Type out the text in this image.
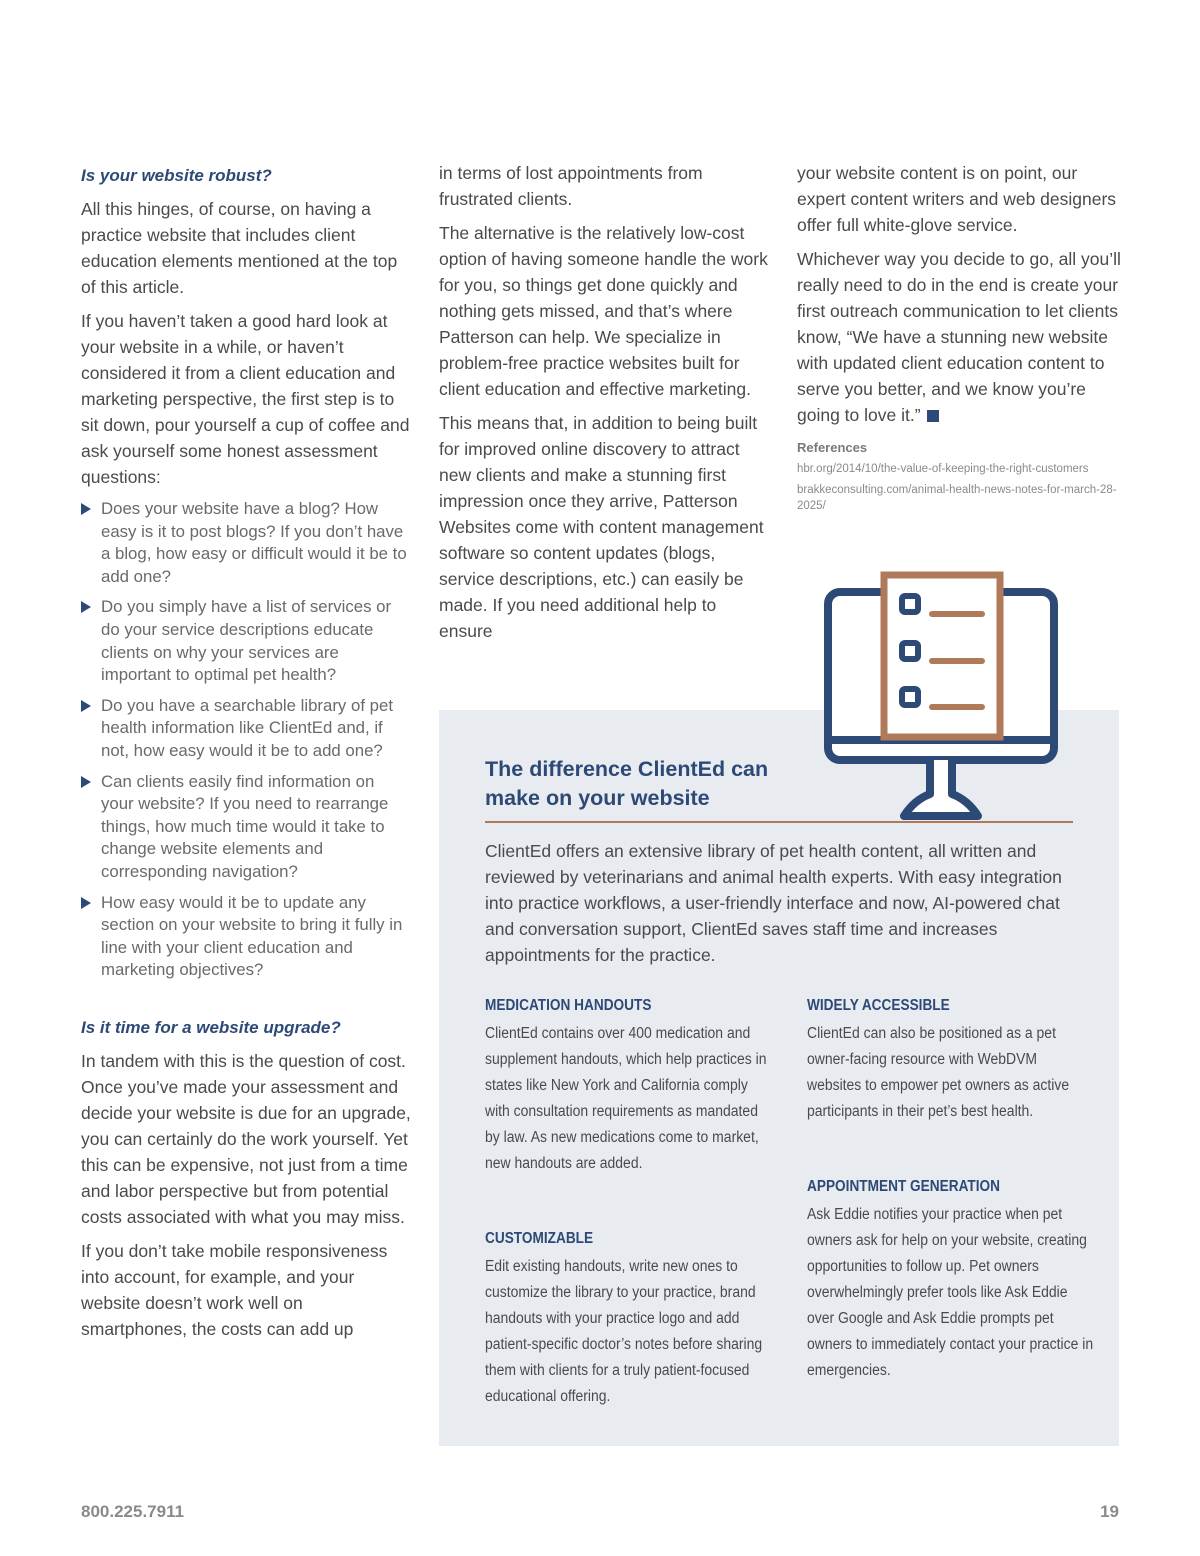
Is your website robust?

All this hinges, of course, on having a practice website that includes client education elements mentioned at the top of this article.

If you haven’t taken a good hard look at your website in a while, or haven’t considered it from a client education and marketing perspective, the first step is to sit down, pour yourself a cup of coffee and ask yourself some honest assessment questions:

Does your website have a blog? How easy is it to post blogs? If you don’t have a blog, how easy or difficult would it be to add one?
Do you simply have a list of services or do your service descriptions educate clients on why your services are important to optimal pet health?
Do you have a searchable library of pet health information like ClientEd and, if not, how easy would it be to add one?
Can clients easily find information on your website? If you need to rearrange things, how much time would it take to change website elements and corresponding navigation?
How easy would it be to update any section on your website to bring it fully in line with your client education and marketing objectives?
Is it time for a website upgrade?

In tandem with this is the question of cost. Once you’ve made your assessment and decide your website is due for an upgrade, you can certainly do the work yourself. Yet this can be expensive, not just from a time and labor perspective but from potential costs associated with what you may miss.

If you don’t take mobile responsiveness into account, for example, and your website doesn’t work well on smartphones, the costs can add up

in terms of lost appointments from frustrated clients.

The alternative is the relatively low-cost option of having someone handle the work for you, so things get done quickly and nothing gets missed, and that’s where Patterson can help. We specialize in problem-free practice websites built for client education and effective marketing.

This means that, in addition to being built for improved online discovery to attract new clients and make a stunning first impression once they arrive, Patterson Websites come with content management software so content updates (blogs, service descriptions, etc.) can easily be made. If you need additional help to ensure

your website content is on point, our expert content writers and web designers offer full white-glove service.

Whichever way you decide to go, all you’ll really need to do in the end is create your first outreach communication to let clients know, “We have a stunning new website with updated client education content to serve you better, and we know you’re going to love it.”

References
hbr.org/2014/10/the-value-of-keeping-the-right-customers
brakkeconsulting.com/animal-health-news-notes-for-march-28-2025/
The difference ClientEd can make on your website

ClientEd offers an extensive library of pet health content, all written and reviewed by veterinarians and animal health experts. With easy integration into practice workflows, a user-friendly interface and now, AI-powered chat and conversation support, ClientEd saves staff time and increases appointments for the practice.

MEDICATION HANDOUTS

ClientEd contains over 400 medication and supplement handouts, which help practices in states like New York and California comply with consultation requirements as mandated by law. As new medications come to market, new handouts are added.

CUSTOMIZABLE

Edit existing handouts, write new ones to customize the library to your practice, brand handouts with your practice logo and add patient-specific doctor’s notes before sharing them with clients for a truly patient-focused educational offering.

WIDELY ACCESSIBLE

ClientEd can also be positioned as a pet owner-facing resource with WebDVM websites to empower pet owners as active participants in their pet’s best health.

APPOINTMENT GENERATION

Ask Eddie notifies your practice when pet owners ask for help on your website, creating opportunities to follow up. Pet owners overwhelmingly prefer tools like Ask Eddie over Google and Ask Eddie prompts pet owners to immediately contact your practice in emergencies.

800.225.7911	19
